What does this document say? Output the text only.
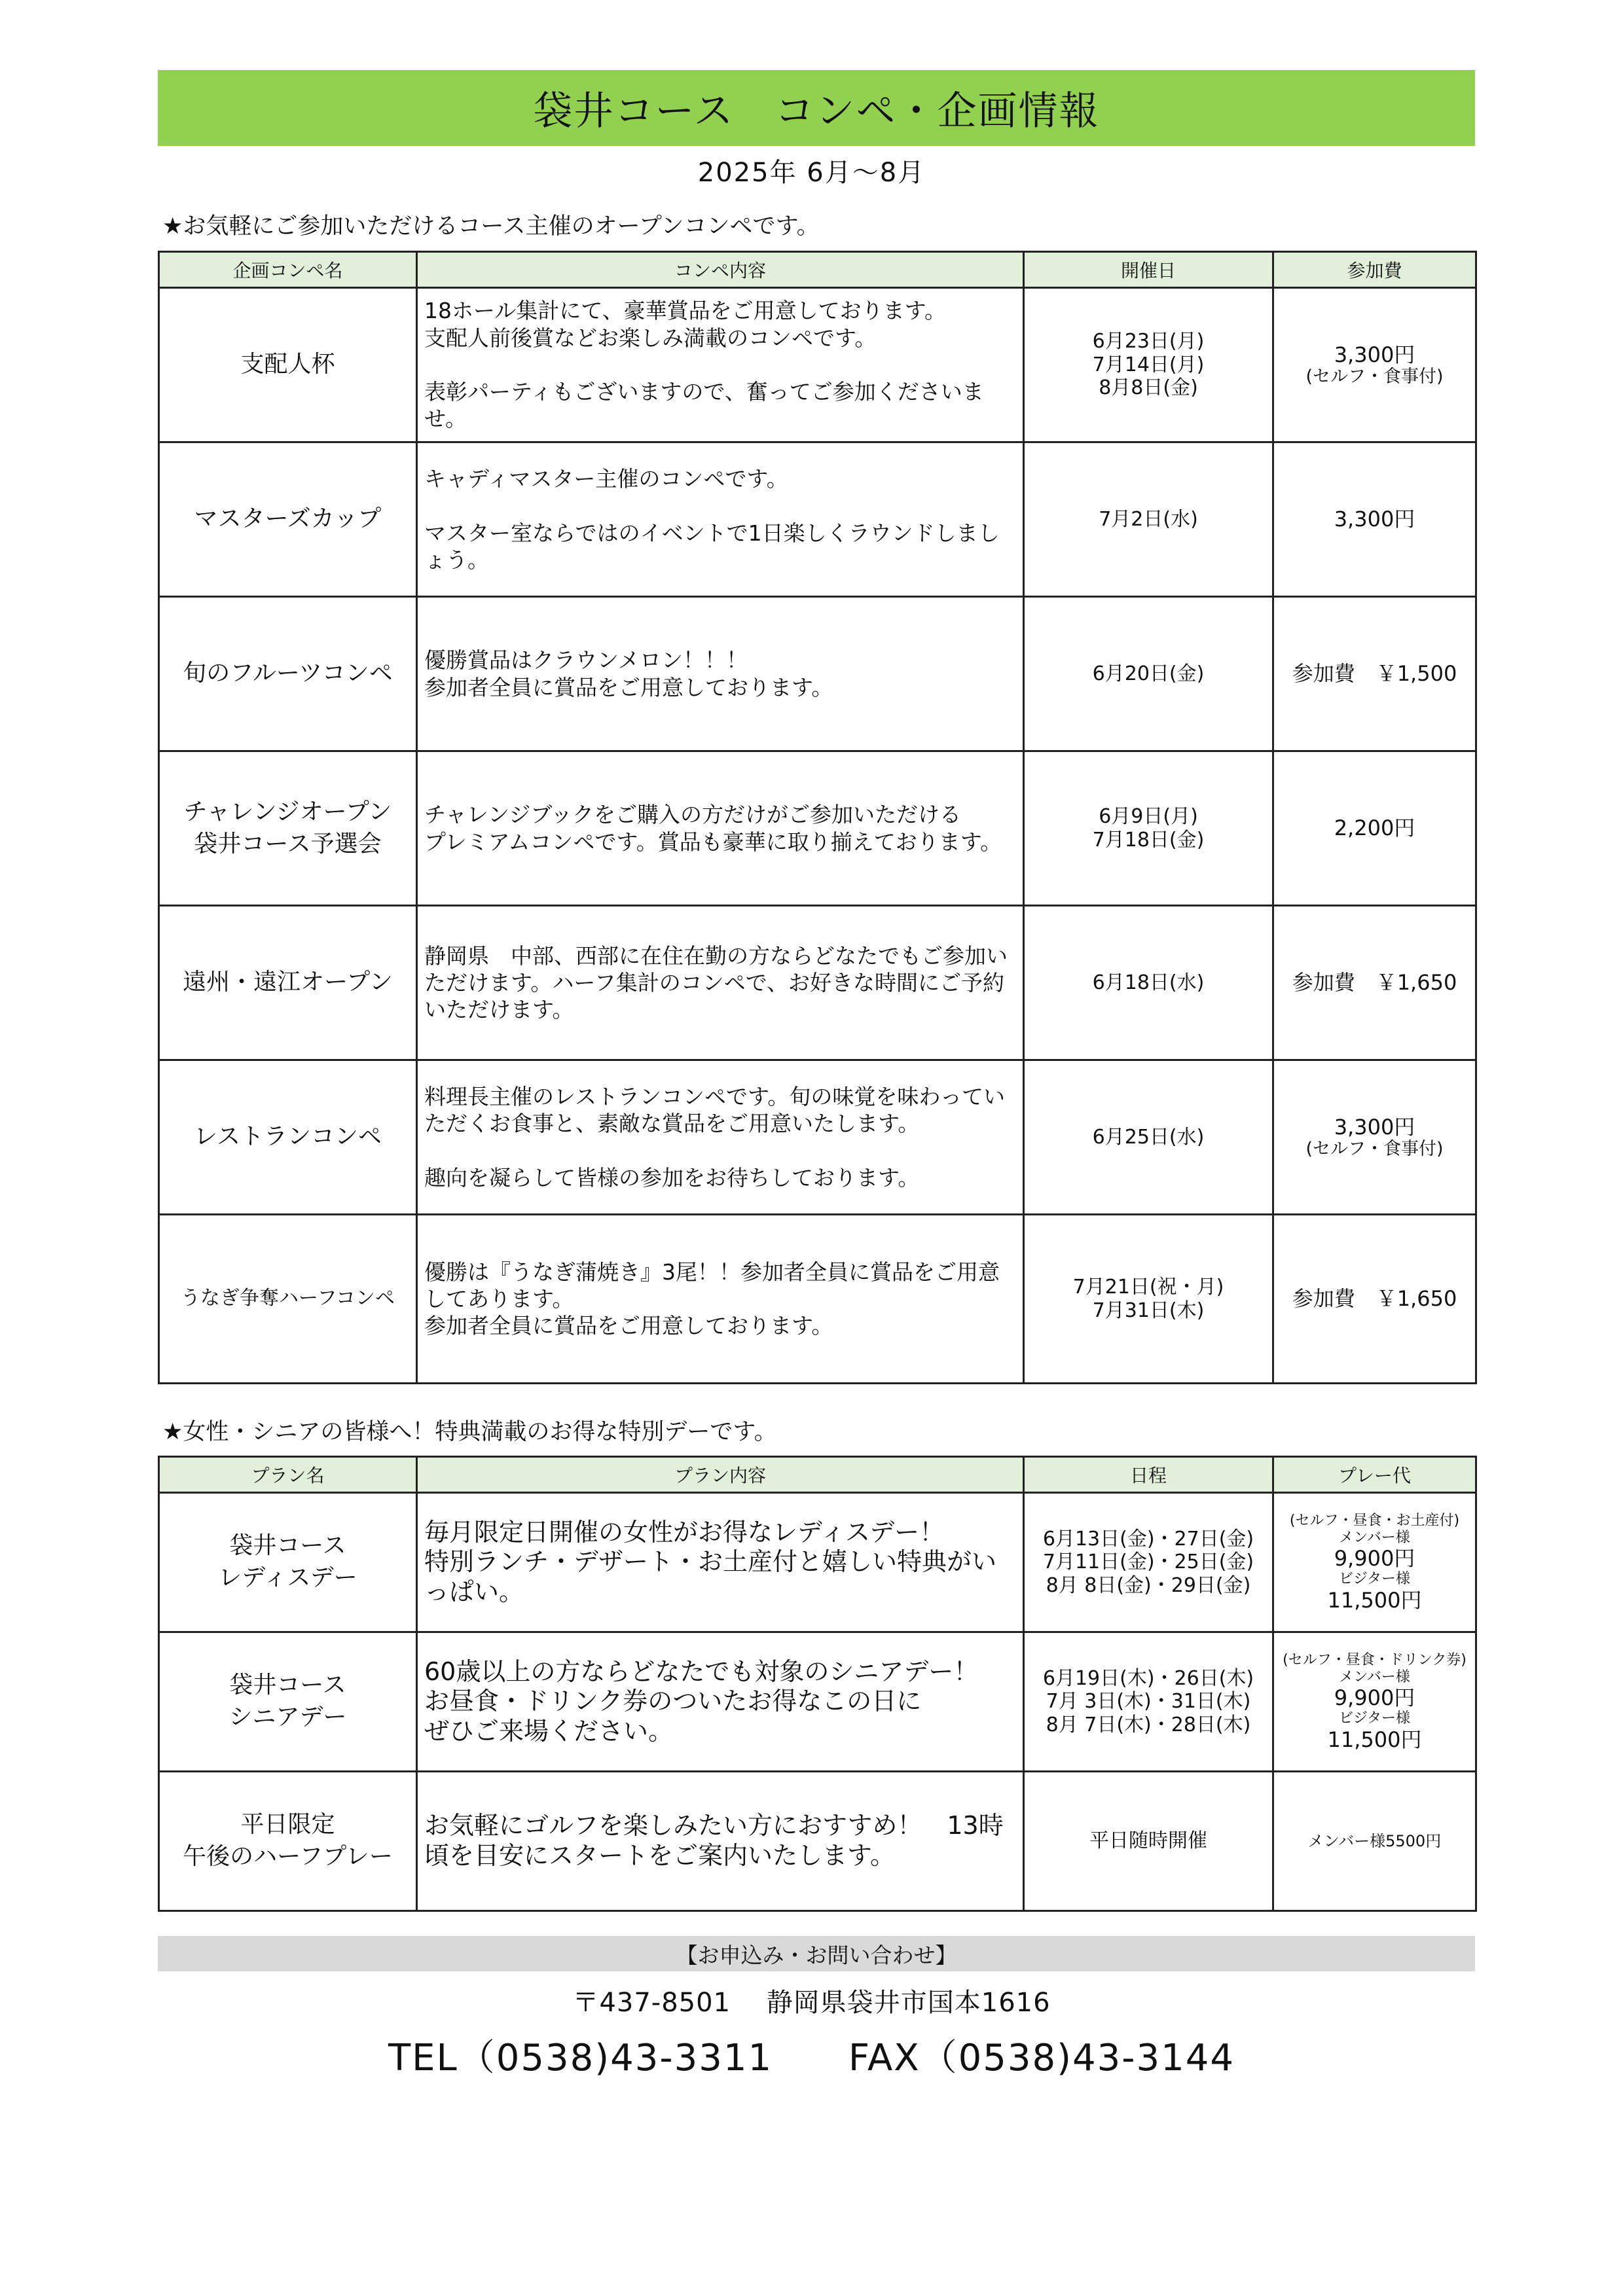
袋井コース　コンペ・企画情報
2025年 6月～8月
★お気軽にご参加いただけるコース主催のオープンコンペです。
企画コンペ名	コンペ内容	開催日	参加費
支配人杯	18ホール集計にて、豪華賞品をご用意しております。
支配人前後賞などお楽しみ満載のコンペです。

表彰パーティもございますので、奮ってご参加くださいませ。	6月23日(月)
7月14日(月)
8月8日(金)	3,300円
(セルフ・食事付)

マスターズカップ	キャディマスター主催のコンペです。

マスター室ならではのイベントで1日楽しくラウンドしましょう。	7月2日(水)	3,300円

旬のフルーツコンペ	優勝賞品はクラウンメロン！！！
参加者全員に賞品をご用意しております。	6月20日(金)	参加費　￥1,500

チャレンジオープン
袋井コース予選会	チャレンジブックをご購入の方だけがご参加いただける
プレミアムコンペです。賞品も豪華に取り揃えております。	6月9日(月)
7月18日(金)	2,200円

遠州・遠江オープン	静岡県　中部、西部に在住在勤の方ならどなたでもご参加いただけます。ハーフ集計のコンペで、お好きな時間にご予約いただけます。	6月18日(水)	参加費　￥1,650

レストランコンペ	料理長主催のレストランコンペです。旬の味覚を味わっていただくお食事と、素敵な賞品をご用意いたします。

趣向を凝らして皆様の参加をお待ちしております。	6月25日(水)	3,300円
(セルフ・食事付)

うなぎ争奪ハーフコンペ	優勝は『うなぎ蒲焼き』3尾！！参加者全員に賞品をご用意してあります。
参加者全員に賞品をご用意しております。	7月21日(祝・月)
7月31日(木)	参加費　￥1,650
★女性・シニアの皆様へ！特典満載のお得な特別デーです。
プラン名	プラン内容	日程	プレー代
袋井コース
レディスデー	毎月限定日開催の女性がお得なレディスデー！
特別ランチ・デザート・お土産付と嬉しい特典がいっぱい。	6月13日(金)・27日(金)
7月11日(金)・25日(金)
8月 8日(金)・29日(金)	(セルフ・昼食・お土産付)
メンバー様
9,900円
ビジター様
11,500円

袋井コース
シニアデー	60歳以上の方ならどなたでも対象のシニアデー！
お昼食・ドリンク券のついたお得なこの日に
ぜひご来場ください。	6月19日(木)・26日(木)
7月 3日(木)・31日(木)
8月 7日(木)・28日(木)	(セルフ・昼食・ドリンク券)
メンバー様
9,900円
ビジター様
11,500円

平日限定
午後のハーフプレー	お気軽にゴルフを楽しみたい方におすすめ！　13時頃を目安にスタートをご案内いたします。	平日随時開催	メンバー様5500円
【お申込み・お問い合わせ】
〒437-8501　 静岡県袋井市国本1616
TEL（0538)43-3311 FAX（0538)43-3144
